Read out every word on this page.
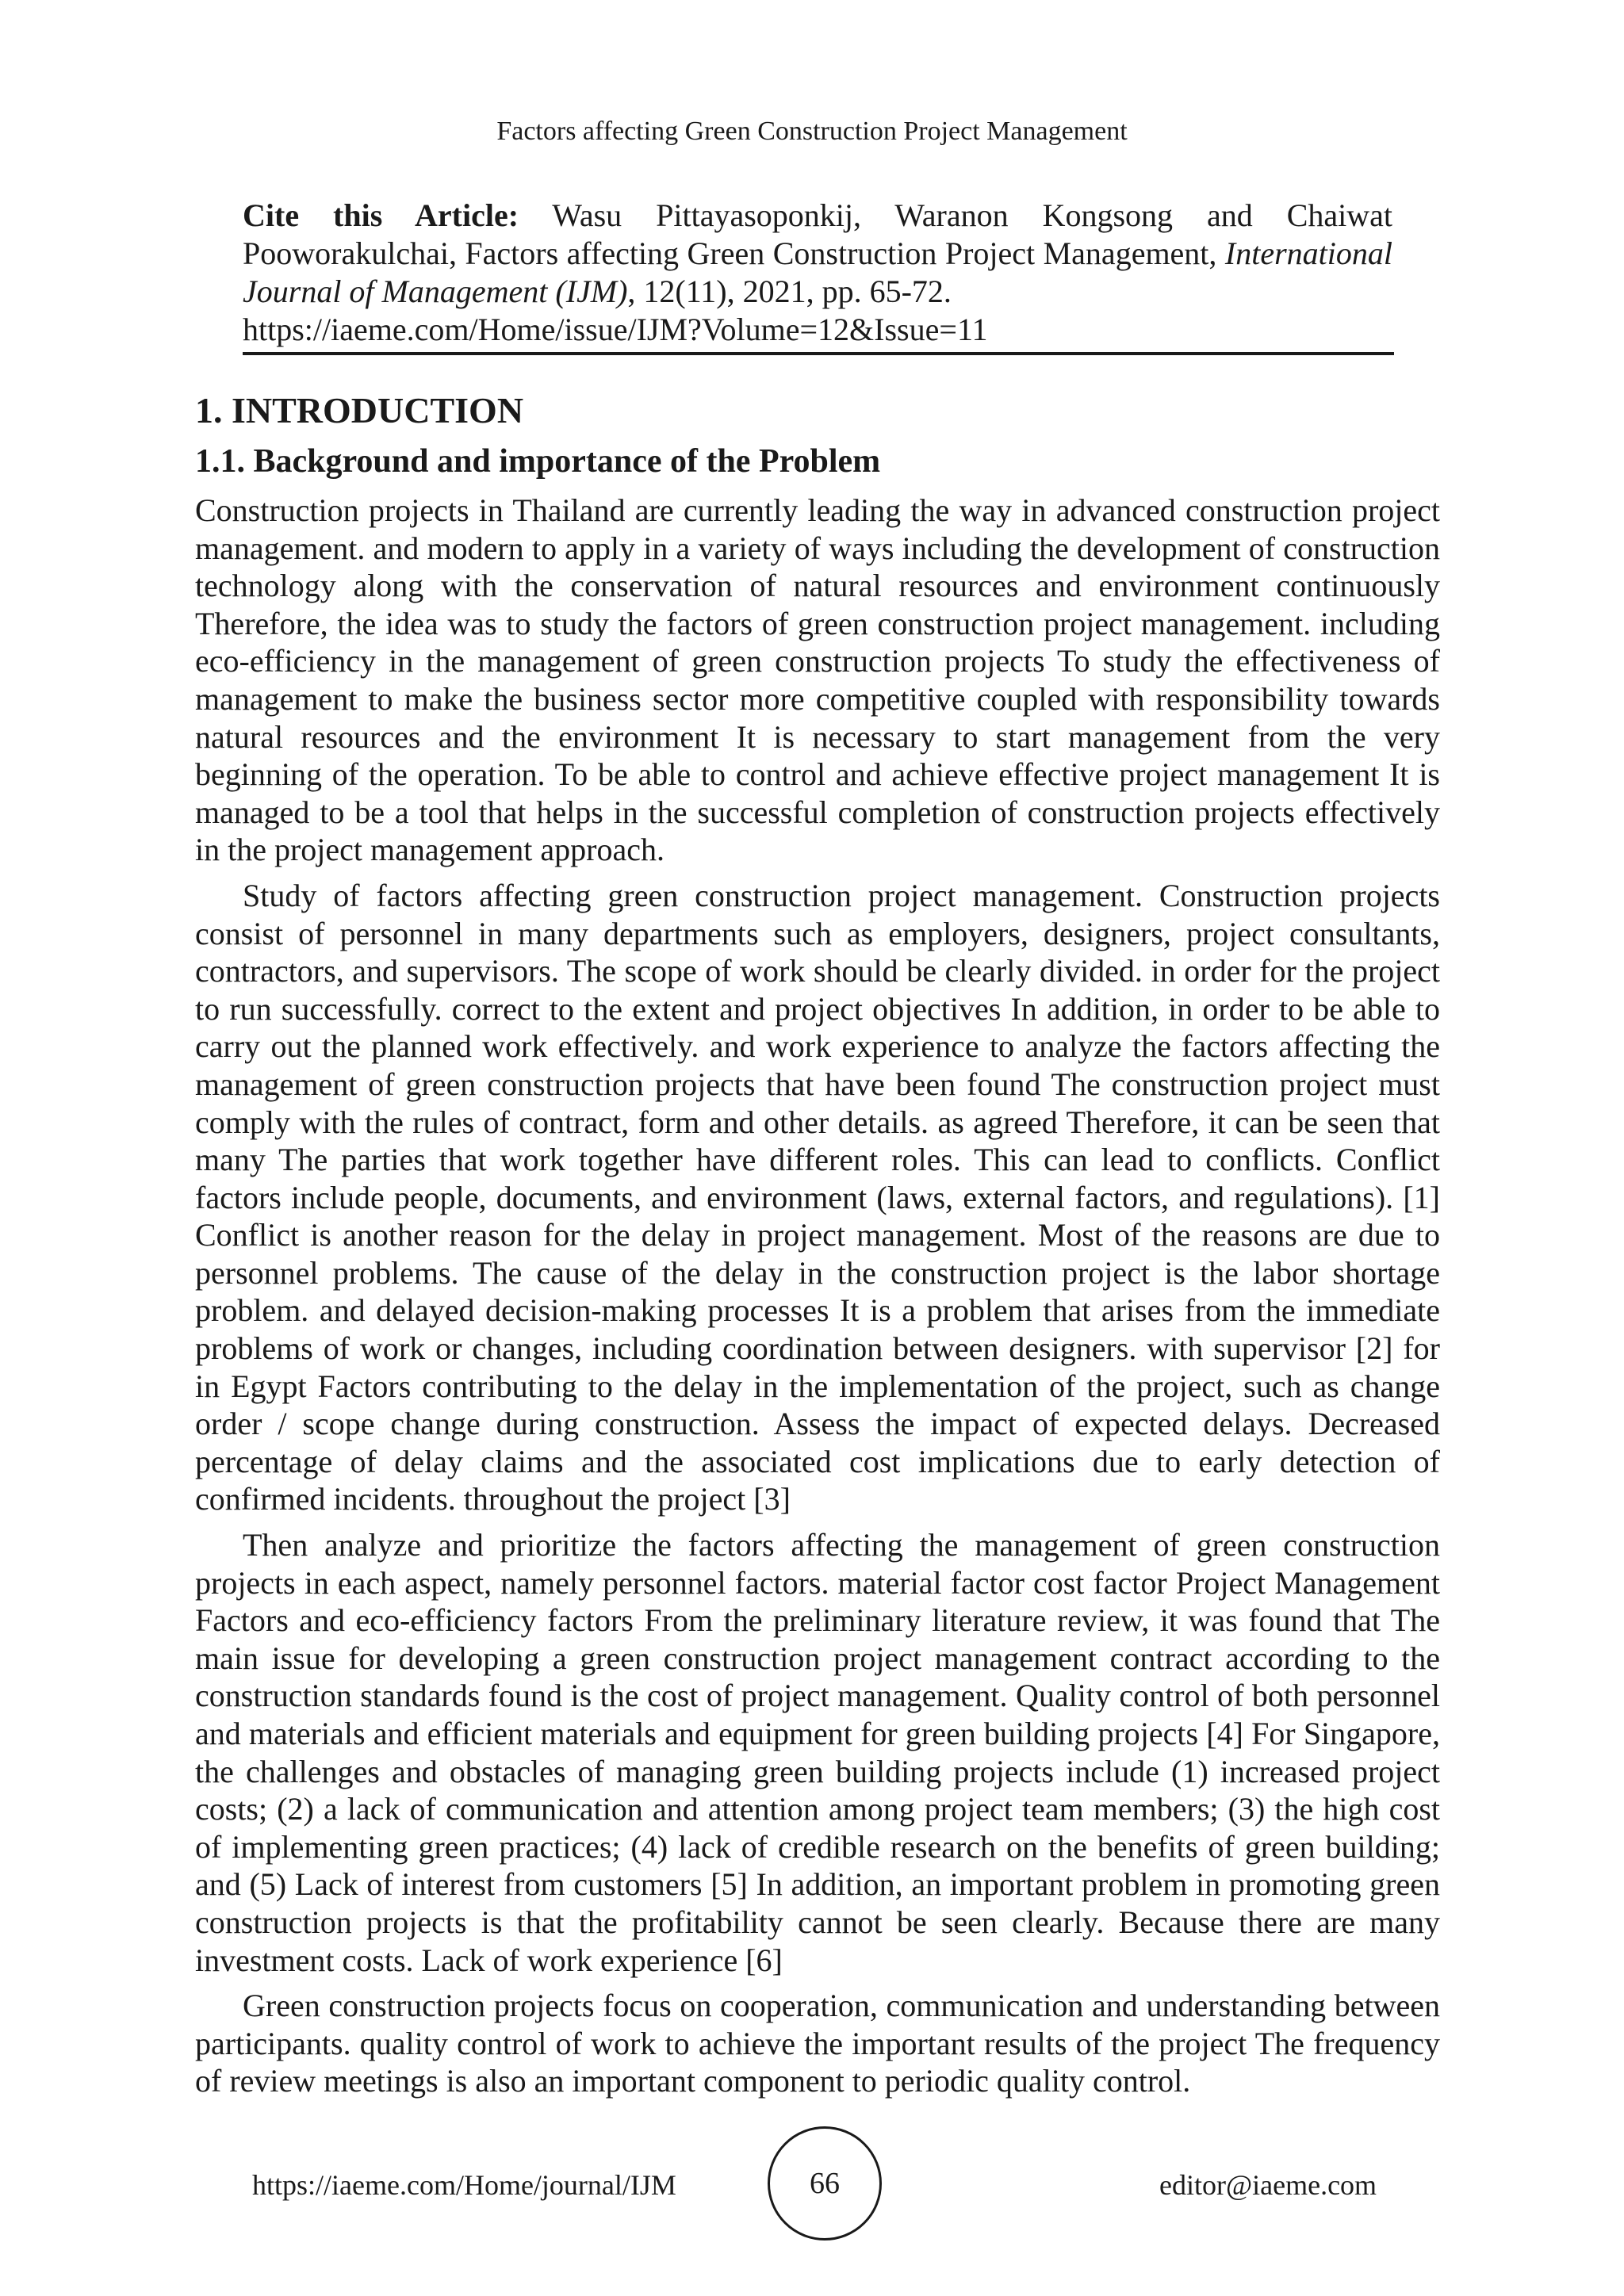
Factors affecting Green Construction Project Management
Cite this Article: Wasu Pittayasoponkij, Waranon Kongsong and Chaiwat Pooworakulchai, Factors affecting Green Construction Project Management, International Journal of Management (IJM), 12(11), 2021, pp. 65-72.
https://iaeme.com/Home/issue/IJM?Volume=12&Issue=11
1. INTRODUCTION
1.1. Background and importance of the Problem

Construction projects in Thailand are currently leading the way in advanced construction project management. and modern to apply in a variety of ways including the development of construction technology along with the conservation of natural resources and environment continuously Therefore, the idea was to study the factors of green construction project management. including eco-efficiency in the management of green construction projects To study the effectiveness of management to make the business sector more competitive coupled with responsibility towards natural resources and the environment It is necessary to start management from the very beginning of the operation. To be able to control and achieve effective project management It is managed to be a tool that helps in the successful completion of construction projects effectively in the project management approach.

Study of factors affecting green construction project management. Construction projects consist of personnel in many departments such as employers, designers, project consultants, contractors, and supervisors. The scope of work should be clearly divided. in order for the project to run successfully. correct to the extent and project objectives In addition, in order to be able to carry out the planned work effectively. and work experience to analyze the factors affecting the management of green construction projects that have been found The construction project must comply with the rules of contract, form and other details. as agreed Therefore, it can be seen that many The parties that work together have different roles. This can lead to conflicts. Conflict factors include people, documents, and environment (laws, external factors, and regulations). [1] Conflict is another reason for the delay in project management. Most of the reasons are due to personnel problems. The cause of the delay in the construction project is the labor shortage problem. and delayed decision-making processes It is a problem that arises from the immediate problems of work or changes, including coordination between designers. with supervisor [2] for in Egypt Factors contributing to the delay in the implementation of the project, such as change order / scope change during construction. Assess the impact of expected delays. Decreased percentage of delay claims and the associated cost implications due to early detection of confirmed incidents. throughout the project [3]

Then analyze and prioritize the factors affecting the management of green construction projects in each aspect, namely personnel factors. material factor cost factor Project Management Factors and eco-efficiency factors From the preliminary literature review, it was found that The main issue for developing a green construction project management contract according to the construction standards found is the cost of project management. Quality control of both personnel and materials and efficient materials and equipment for green building projects [4] For Singapore, the challenges and obstacles of managing green building projects include (1) increased project costs; (2) a lack of communication and attention among project team members; (3) the high cost of implementing green practices; (4) lack of credible research on the benefits of green building; and (5) Lack of interest from customers [5] In addition, an important problem in promoting green construction projects is that the profitability cannot be seen clearly. Because there are many investment costs. Lack of work experience [6]

Green construction projects focus on cooperation, communication and understanding between participants. quality control of work to achieve the important results of the project The frequency of review meetings is also an important component to periodic quality control.

https://iaeme.com/Home/journal/IJM	66	editor@iaeme.com
